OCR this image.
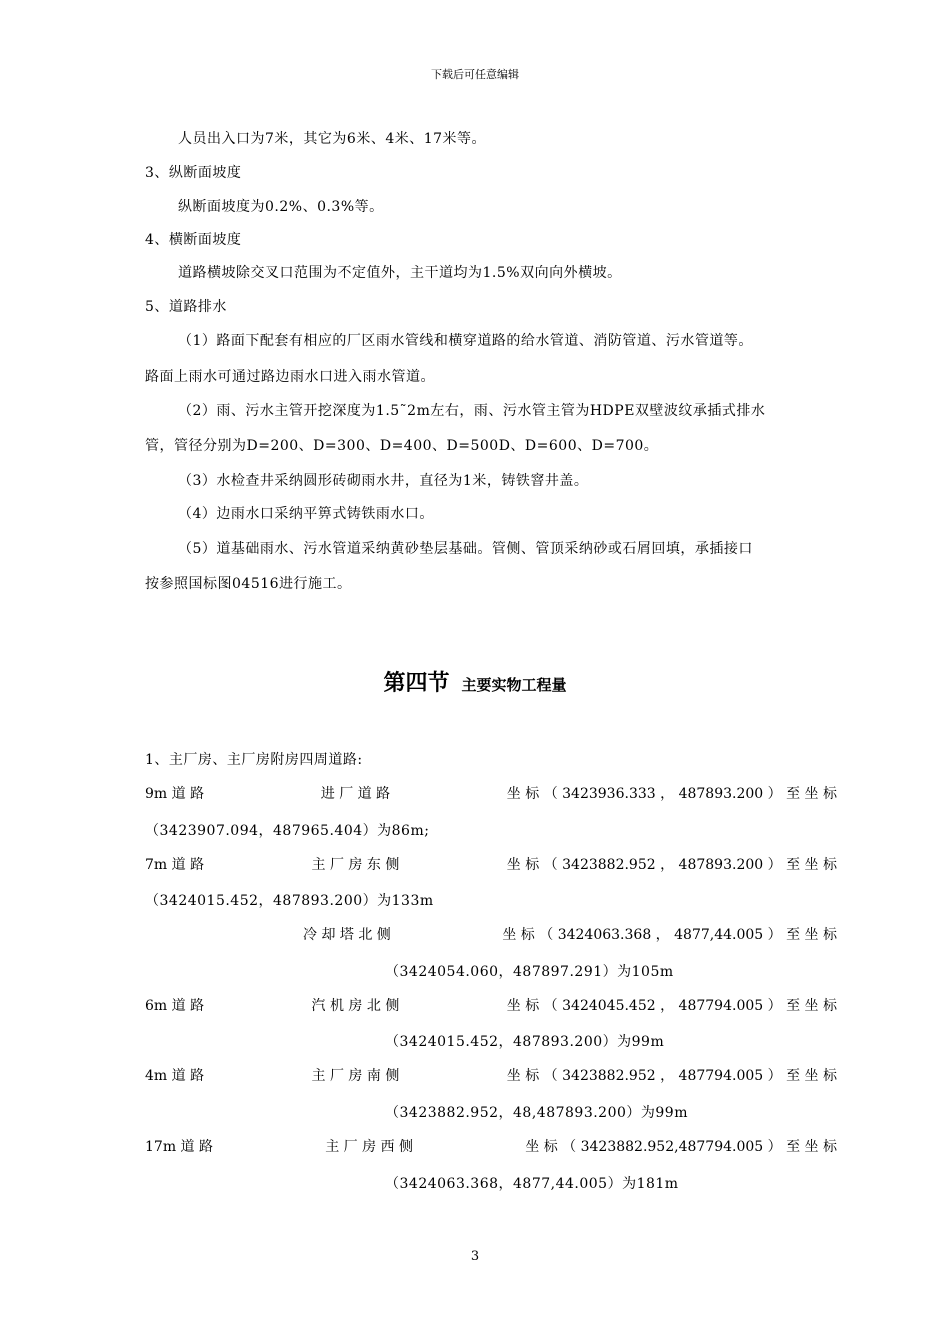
下载后可任意编辑
人员出入口为7米，其它为6米、4米、17米等。
3、纵断面坡度
纵断面坡度为0.2%、0.3%等。
4、横断面坡度
道路横坡除交叉口范围为不定值外，主干道均为1.5%双向向外横坡。
5、道路排水
（1）路面下配套有相应的厂区雨水管线和横穿道路的给水管道、消防管道、污水管道等。
路面上雨水可通过路边雨水口进入雨水管道。
（2）雨、污水主管开挖深度为1.5˜2m左右，雨、污水管主管为HDPE双壁波纹承插式排水
管，管径分别为D=200、D=300、D=400、D=500D、D=600、D=700。
（3）水检查井采纳圆形砖砌雨水井，直径为1米，铸铁窨井盖。
（4）边雨水口采纳平箅式铸铁雨水口。
（5）道基础雨水、污水管道采纳黄砂垫层基础。管侧、管顶采纳砂或石屑回填，承插接口
按参照国标图04516进行施工。
第四节 主要实物工程量
1、主厂房、主厂房附房四周道路:
9m 道 路	进 厂 道 路	坐 标 （ 3423936.333 ， 487893.200 ） 至 坐 标
（3423907.094，487965.404）为86m;
7m 道 路	主 厂 房 东 侧	坐 标 （ 3423882.952 ， 487893.200 ） 至 坐 标
（3424015.452，487893.200）为133m
冷 却 塔 北 侧	坐 标 （ 3424063.368 ， 4877,44.005 ） 至 坐 标
（3424054.060，487897.291）为105m
6m 道 路	汽 机 房 北 侧	坐 标 （ 3424045.452 ， 487794.005 ） 至 坐 标
（3424015.452，487893.200）为99m
4m 道 路	主 厂 房 南 侧	坐 标 （ 3423882.952 ， 487794.005 ） 至 坐 标
（3423882.952，48,487893.200）为99m
17m 道 路	主 厂 房 西 侧	坐 标 （ 3423882.952,487794.005 ） 至 坐 标
（3424063.368，4877,44.005）为181m
3
